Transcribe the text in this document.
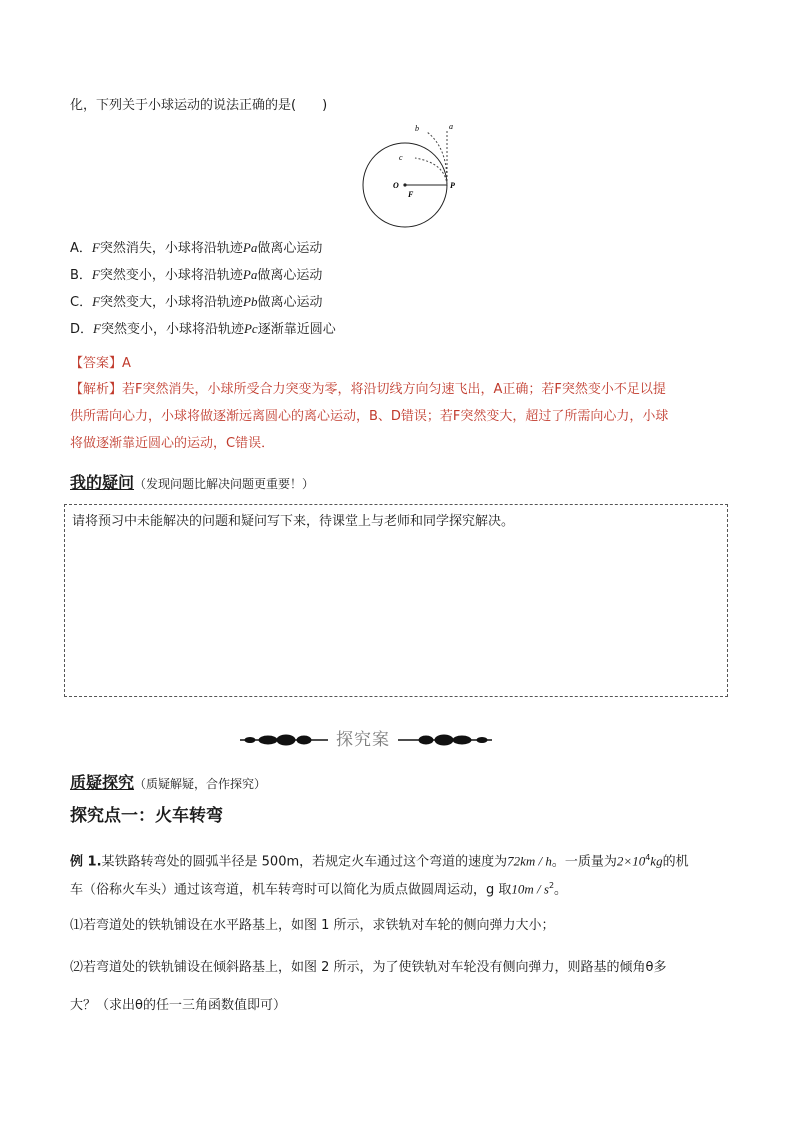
化，下列关于小球运动的说法正确的是(　　)
a
b
c
O
F
P
A．F突然消失，小球将沿轨迹Pa做离心运动
B．F突然变小，小球将沿轨迹Pa做离心运动
C．F突然变大，小球将沿轨迹Pb做离心运动
D．F突然变小，小球将沿轨迹Pc逐渐靠近圆心
【答案】A
【解析】若F突然消失，小球所受合力突变为零，将沿切线方向匀速飞出，A正确；若F突然变小不足以提
供所需向心力，小球将做逐渐远离圆心的离心运动，B、D错误；若F突然变大，超过了所需向心力，小球
将做逐渐靠近圆心的运动，C错误．
我的疑问（发现问题比解决问题更重要！）
请将预习中未能解决的问题和疑问写下来，待课堂上与老师和同学探究解决。
探究案
质疑探究（质疑解疑，合作探究）
探究点一：火车转弯
例 1.某铁路转弯处的圆弧半径是 500m，若规定火车通过这个弯道的速度为72km / h。一质量为$2\times 10^4kg$的机
车（俗称火车头）通过该弯道，机车转弯时可以简化为质点做圆周运动，g 取$10m / s^2$。
⑴若弯道处的铁轨铺设在水平路基上，如图 1 所示，求铁轨对车轮的侧向弹力大小；
⑵若弯道处的铁轨铺设在倾斜路基上，如图 2 所示，为了使铁轨对车轮没有侧向弹力，则路基的倾角θ多
大？（求出θ的任一三角函数值即可）
